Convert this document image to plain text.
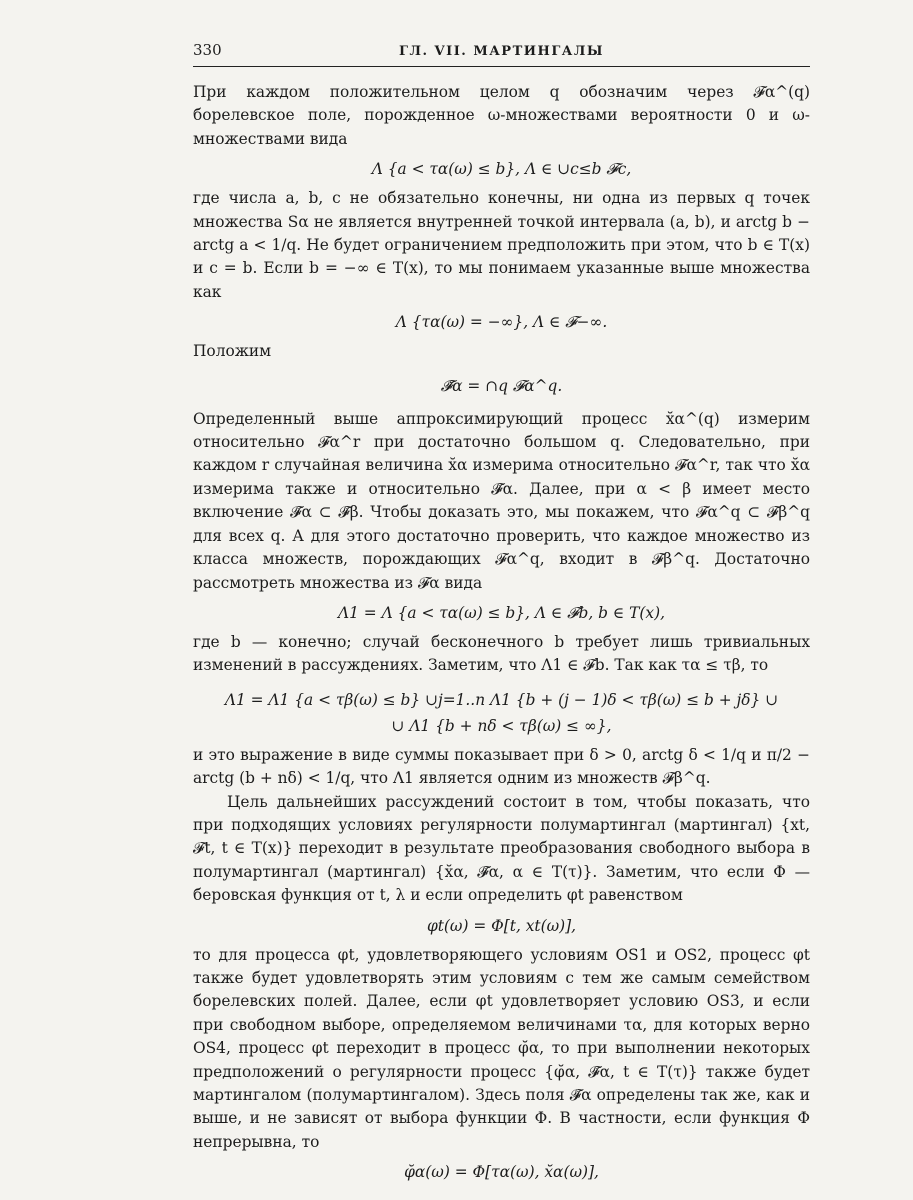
330	ГЛ. VII. МАРТИНГАЛЫ

При каждом положительном целом q обозначим через 𝓕α^(q) борелевское поле, порожденное ω-множествами вероятности 0 и ω-множествами вида

Λ {a < τα(ω) ≤ b}, Λ ∈ ∪c≤b 𝓕c,

где числа a, b, c не обязательно конечны, ни одна из первых q точек множества Sα не является внутренней точкой интервала (a, b), и arctg b − arctg a < 1/q. Не будет ограничением предположить при этом, что b ∈ T(x) и c = b. Если b = −∞ ∈ T(x), то мы понимаем указанные выше множества как

Λ {τα(ω) = −∞}, Λ ∈ 𝓕−∞.

Положим

𝓕̆α = ∩q 𝓕α^q.

Определенный выше аппроксимирующий процесс x̆α^(q) измерим относительно 𝓕α^r при достаточно большом q. Следовательно, при каждом r случайная величина x̆α измерима относительно 𝓕α^r, так что x̆α измерима также и относительно 𝓕̆α. Далее, при α < β имеет место включение 𝓕̆α ⊂ 𝓕̆β. Чтобы доказать это, мы покажем, что 𝓕α^q ⊂ 𝓕β^q для всех q. А для этого достаточно проверить, что каждое множество из класса множеств, порождающих 𝓕α^q, входит в 𝓕β^q. Достаточно рассмотреть множества из 𝓕α вида

Λ1 = Λ {a < τα(ω) ≤ b}, Λ ∈ 𝓕b, b ∈ T(x),

где b — конечно; случай бесконечного b требует лишь тривиальных изменений в рассуждениях. Заметим, что Λ1 ∈ 𝓕b. Так как τα ≤ τβ, то

Λ1 = Λ1 {a < τβ(ω) ≤ b} ∪j=1..n Λ1 {b + (j − 1)δ < τβ(ω) ≤ b + jδ} ∪
∪ Λ1 {b + nδ < τβ(ω) ≤ ∞},

и это выражение в виде суммы показывает при δ > 0, arctg δ < 1/q и π/2 − arctg (b + nδ) < 1/q, что Λ1 является одним из множеств 𝓕β^q.

Цель дальнейших рассуждений состоит в том, чтобы показать, что при подходящих условиях регулярности полумартингал (мартингал) {xt, 𝓕t, t ∈ T(x)} переходит в результате преобразования свободного выбора в полумартингал (мартингал) {x̆α, 𝓕̆α, α ∈ T(τ)}. Заметим, что если Φ — беровская функция от t, λ и если определить φt равенством

φt(ω) = Φ[t, xt(ω)],

то для процесса φt, удовлетворяющего условиям OS1 и OS2, процесс φt также будет удовлетворять этим условиям с тем же самым семейством борелевских полей. Далее, если φt удовлетворяет условию OS3, и если при свободном выборе, определяемом величинами τα, для которых верно OS4, процесс φt переходит в процесс φ̆α, то при выполнении некоторых предположений о регулярности процесс {φ̆α, 𝓕̆α, t ∈ T(τ)} также будет мартингалом (полумартингалом). Здесь поля 𝓕̆α определены так же, как и выше, и не зависят от выбора функции Φ. В частности, если функция Φ непрерывна, то

φ̆α(ω) = Φ[τα(ω), x̆α(ω)],
